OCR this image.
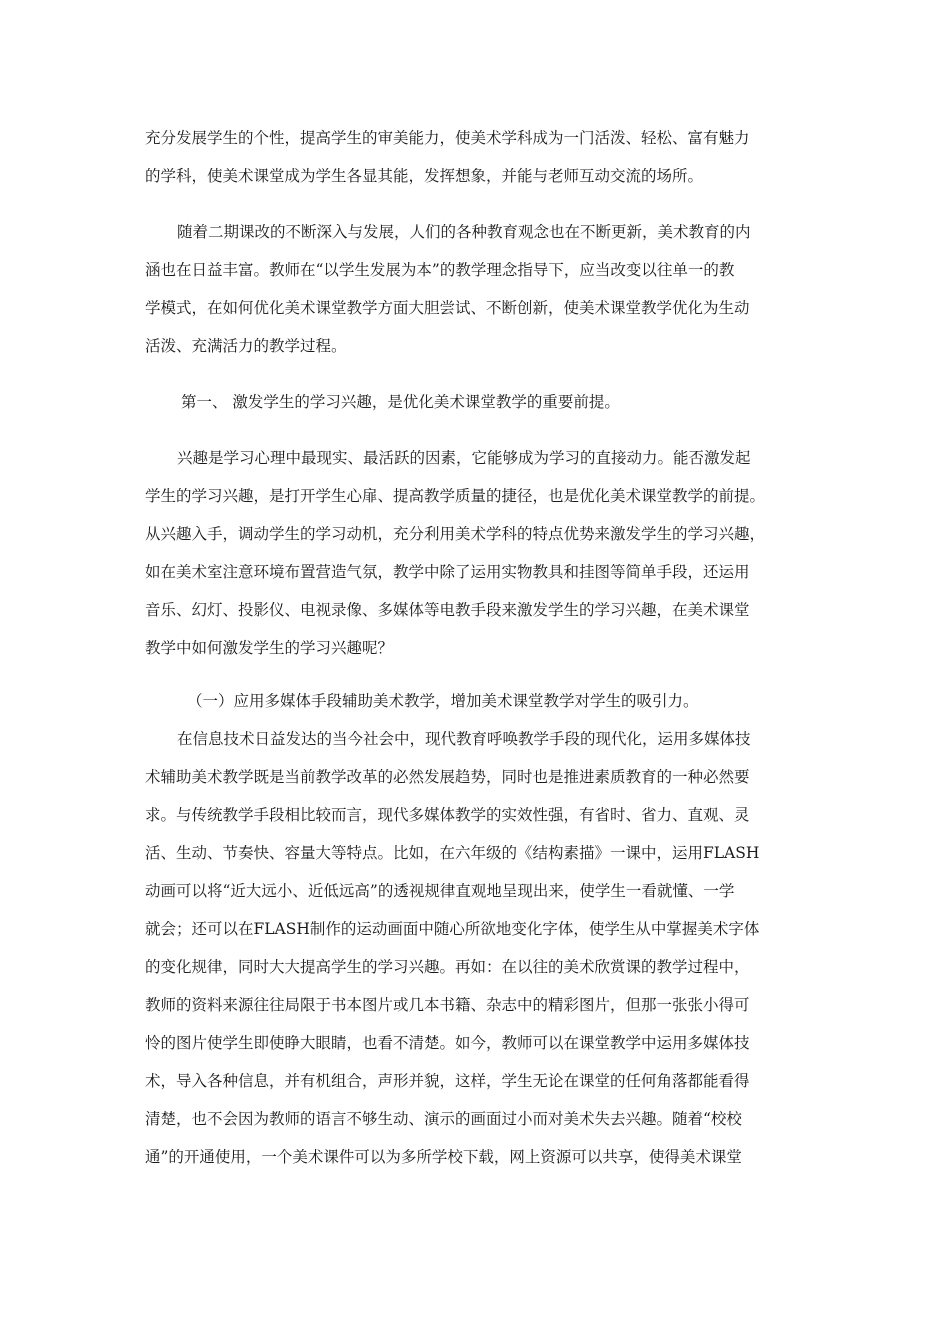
充分发展学生的个性，提高学生的审美能力，使美术学科成为一门活泼、轻松、富有魅力
的学科，使美术课堂成为学生各显其能，发挥想象，并能与老师互动交流的场所。
随着二期课改的不断深入与发展，人们的各种教育观念也在不断更新，美术教育的内
涵也在日益丰富。教师在“以学生发展为本”的教学理念指导下，应当改变以往单一的教
学模式，在如何优化美术课堂教学方面大胆尝试、不断创新，使美术课堂教学优化为生动
活泼、充满活力的教学过程。
第一、 激发学生的学习兴趣，是优化美术课堂教学的重要前提。
兴趣是学习心理中最现实、最活跃的因素，它能够成为学习的直接动力。能否激发起
学生的学习兴趣，是打开学生心扉、提高教学质量的捷径，也是优化美术课堂教学的前提。
从兴趣入手，调动学生的学习动机，充分利用美术学科的特点优势来激发学生的学习兴趣，
如在美术室注意环境布置营造气氛，教学中除了运用实物教具和挂图等简单手段，还运用
音乐、幻灯、投影仪、电视录像、多媒体等电教手段来激发学生的学习兴趣，在美术课堂
教学中如何激发学生的学习兴趣呢？
（一）应用多媒体手段辅助美术教学，增加美术课堂教学对学生的吸引力。
在信息技术日益发达的当今社会中，现代教育呼唤教学手段的现代化，运用多媒体技
术辅助美术教学既是当前教学改革的必然发展趋势，同时也是推进素质教育的一种必然要
求。与传统教学手段相比较而言，现代多媒体教学的实效性强，有省时、省力、直观、灵
活、生动、节奏快、容量大等特点。比如，在六年级的《结构素描》一课中，运用FLASH
动画可以将“近大远小、近低远高”的透视规律直观地呈现出来，使学生一看就懂、一学
就会；还可以在FLASH制作的运动画面中随心所欲地变化字体，使学生从中掌握美术字体
的变化规律，同时大大提高学生的学习兴趣。再如：在以往的美术欣赏课的教学过程中，
教师的资料来源往往局限于书本图片或几本书籍、杂志中的精彩图片，但那一张张小得可
怜的图片使学生即使睁大眼睛，也看不清楚。如今，教师可以在课堂教学中运用多媒体技
术，导入各种信息，并有机组合，声形并貌，这样，学生无论在课堂的任何角落都能看得
清楚，也不会因为教师的语言不够生动、演示的画面过小而对美术失去兴趣。随着“校校
通”的开通使用，一个美术课件可以为多所学校下载，网上资源可以共享，使得美术课堂
